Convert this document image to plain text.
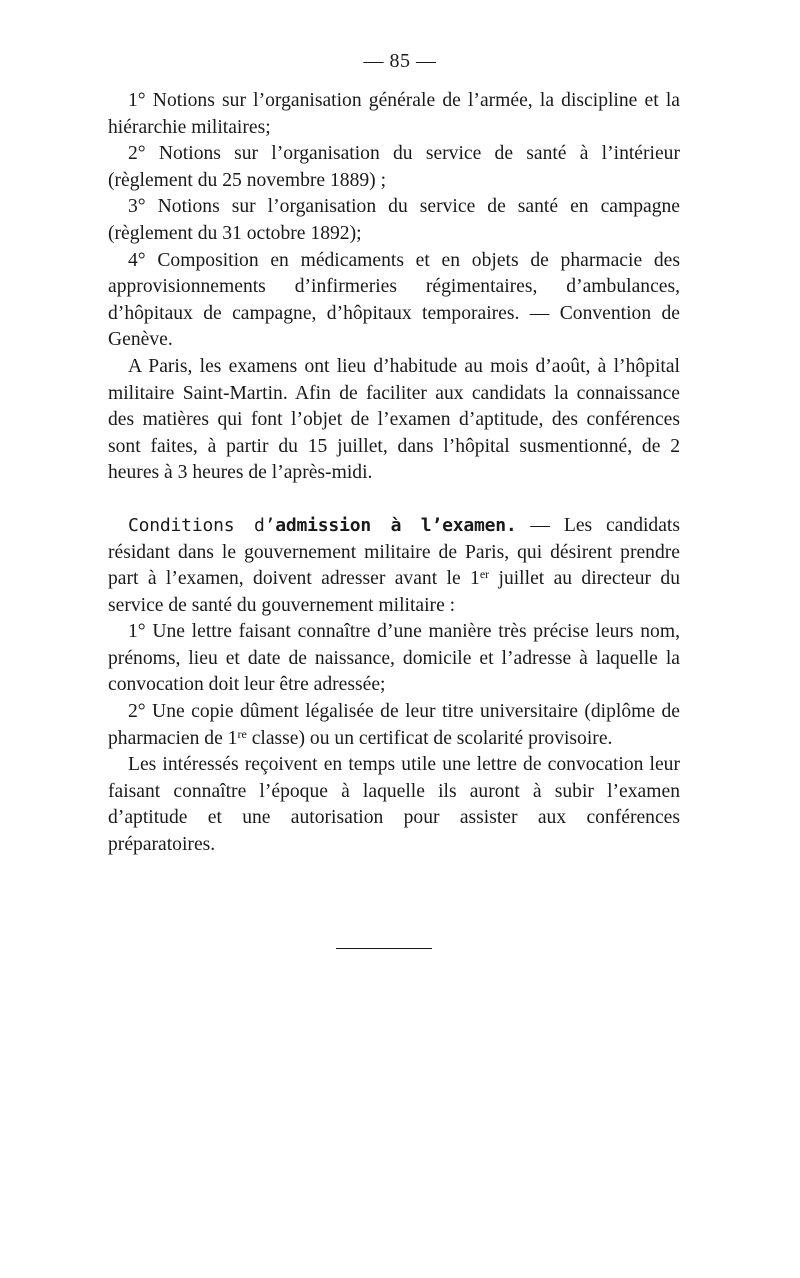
— 85 —

1° Notions sur l’organisation générale de l’armée, la discipline et la hiérarchie militaires;

2° Notions sur l’organisation du service de santé à l’intérieur (règlement du 25 novembre 1889) ;

3° Notions sur l’organisation du service de santé en campagne (règlement du 31 octobre 1892);

4° Composition en médicaments et en objets de pharmacie des approvisionnements d’infirmeries régimentaires, d’ambulances, d’hôpitaux de campagne, d’hôpitaux temporaires. — Convention de Genève.

A Paris, les examens ont lieu d’habitude au mois d’août, à l’hôpital militaire Saint-Martin. Afin de faciliter aux candidats la connaissance des matières qui font l’objet de l’examen d’aptitude, des conférences sont faites, à partir du 15 juillet, dans l’hôpital susmentionné, de 2 heures à 3 heures de l’après-midi.

Conditions d’admission à l’examen. — Les candidats résidant dans le gouvernement militaire de Paris, qui désirent prendre part à l’examen, doivent adresser avant le 1er juillet au directeur du service de santé du gouvernement militaire :

1° Une lettre faisant connaître d’une manière très précise leurs nom, prénoms, lieu et date de naissance, domicile et l’adresse à laquelle la convocation doit leur être adressée;

2° Une copie dûment légalisée de leur titre universitaire (diplôme de pharmacien de 1re classe) ou un certificat de scolarité provisoire.

Les intéressés reçoivent en temps utile une lettre de convocation leur faisant connaître l’époque à laquelle ils auront à subir l’examen d’aptitude et une autorisation pour assister aux conférences préparatoires.
